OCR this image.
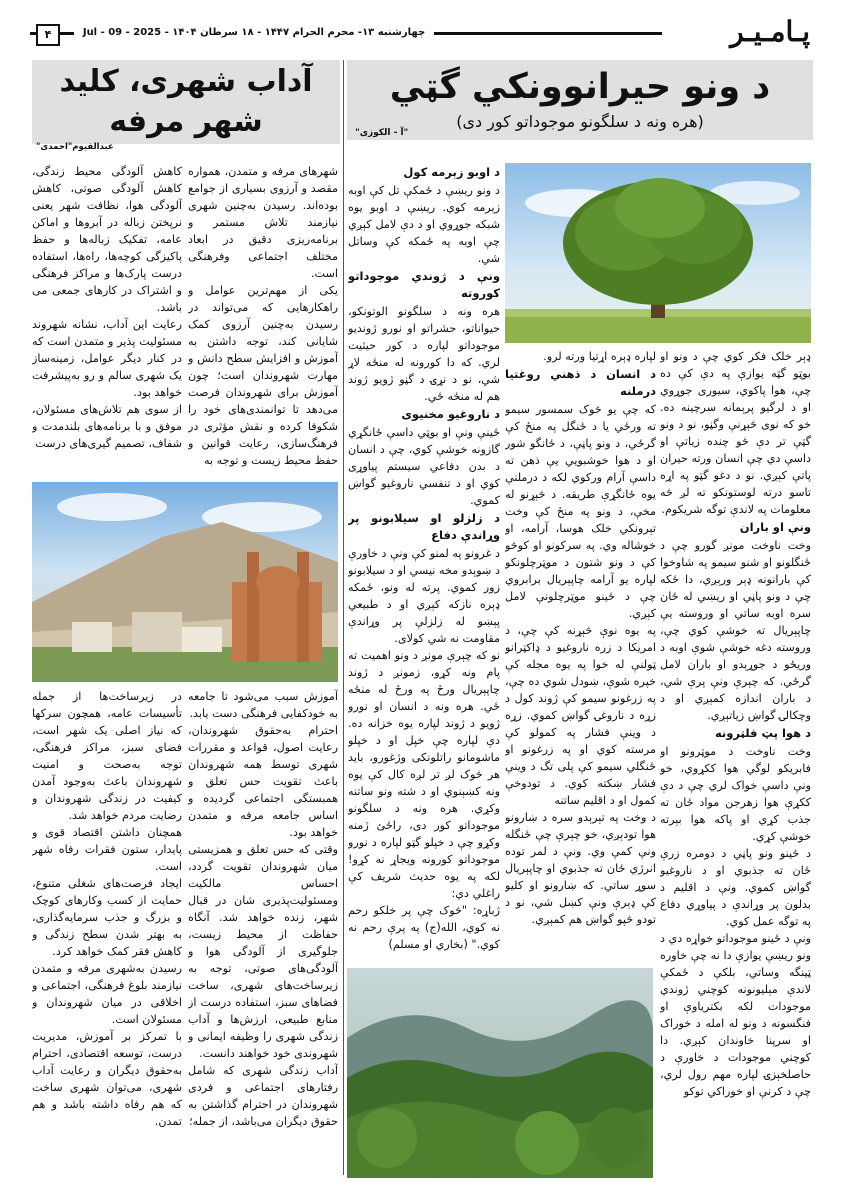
پـامـیـر
چهارشنبه ۱۳- محرم الحرام ۱۴۴۷ - ۱۸ سرطان ۱۴۰۴ - Jul - 09 - 2025
۴
د ونو حيرانوونکي گټي
(هره ونه د سلگونو موجوداتو کور دی)
"آ - الکوزی"
آداب شهری، کلید شهر مرفه
عبدالقيوم"احمدی"

ډېر خلک فکر کوي چې د ونو او بوټو گټه يوازې په دې کې ده چې، هوا پاکوي، سيوری جوړوي او د لرگيو پرېمانه سرچينه ده. خو که نوی څېړنې وگڼو، نو د ونو گټې تر دې څو چنده زياتې او داسې دي چې انسان ورته حيران پاتې کېږي. نو د دغو گټو په اړه تاسو درته لوستونکو ته لږ څه معلومات په لاندې توگه شريکوم.

ونې او باران

وخت ناوخت مونږ گورو چې د ځنگلونو او شنو سيمو په شاوخوا کې بارانونه ډېر ورېږي، دا ځکه چې د ونو پاڼي او ريښي له ځان سره اوبه ساتي او وروسته يې چاپېريال ته خوشې کوي چې، وروسته دغه خوشې شوې اوبه د وريځو د جوړېدو او باران لامل گرځي. که چېرې ونې پرې شي، د باران اندازه کمېږي او د وچکالۍ گواښ زياتېږي.

د هوا پټ فلټرونه

وخت ناوخت د موټرونو او فابريکو لوگي هوا ککړوي، خو ونې داسې خواک لري چې د دې ککړې هوا زهرجن مواد ځان ته جذب کړي او پاکه هوا بېرته خوشې کړي.

د ځينو ونو پاڼي د دومره زرې ځان ته جذبوي او د ناروغيو گواښ کموي. ونې د اقليم د بدلون پر وړاندې د پياوړي دفاع په توگه عمل کوي.

ونې د ځينو موجوداتو خواړه دي د ونو ريښې يوازې دا نه چې خاوره ټينگه وساتي، بلکې د ځمکې لاندې مېليونونه کوچني ژوندي موجودات لکه بکترياوې او فنگسونه د ونو له امله د خوراک او سرپنا خاوندان کېږي. دا کوچني موجودات د خاورې د حاصلخېزۍ لپاره مهم رول لري، چې د کرنې او خوراکي توکو

لپاره ډېره اړتيا ورته لرو.

د انسان د ذهني روغتيا درملنه

که چې يو څوک سمسور سيمو ته ورځي يا د ځنگل په منځ کې گرځي، د ونو پاڼې، د ځانگو شور او د هوا خوشبويي يې ذهن ته داسې آرام ورکوي لکه د درملنې يوه ځانگړې طريقه. د څېړنو له مخې، د ونو په منځ کې وخت تېرونکي خلک هوسا، آرامه، او خوشاله وي. په سرکونو او کوڅو کې د ونو شتون د موټرچلونکو لپاره يو آرامه چاپېريال برابروي چې د ځينو موټرچلونې لامل کېږي.

په يوه نوې څېړنه کې چې، د امريکا د زره ناروغيو د ډاکټرانو ټولنې له خوا په يوه مجله کې خپره شوې، ښودل شوي ده چې، په زرغونو سيمو کې ژوند کول د زړه د ناروغۍ گواښ کموي. زړه د وينې فشار په کمولو کې مرسته کوي او په زرغونو او ځنگلي سيمو کې پلی تگ د وينې فشار ښکته کوي. د تودوخې کمول او د اقليم ساتنه

د وخت په تېرېدو سره د ښارونو هوا تودېږي، خو چېرې چې ځنگله ونې کمې وي. ونې د لمر توده انرژي ځان ته جذبوي او چاپېريال سوړ ساتي. که ښارونو او کليو کې ډېرې ونې کښل شي، نو د تودو څپو گواښ هم کمېږي.

د اوبو زېرمه کول

د ونو ريښې د ځمکې تل کې اوبه زېرمه کوي. ريښې د اوبو يوه شبکه جوړوي او د دې لامل کېږي چې اوبه په ځمکه کې وساتل شي.

ونې د ژوندي موجوداتو کوروته

هره ونه د سلگونو الوتونکو، حيواناتو، حشراتو او نورو ژونديو موجوداتو لپاره د کور حيثيت لري. که دا کورونه له منځه لاړ شي، نو د نړۍ د گڼو ژويو ژوند هم له منځه ځي.

د ناروغيو مخنيوی

ځينې ونې او بوټي داسې ځانگړي گازونه خوشې کوي، چې د انسان د بدن دفاعي سيستم پياوړی کوي او د تنفسي ناروغيو گواښ کموي.

د زلزلو او سيلابونو پر وړاندې دفاع

د غرونو په لمنو کې ونې د خاورې د ښوېدو مخه نيسي او د سيلابونو زور کموي. پرته له ونو، ځمکه ډېره نازکه کېږي او د طبيعي پېښو له زلزلې پر وړاندې مقاومت نه شي کولای.

نو که چېرې مونږ د ونو اهميت ته پام ونه کړو، زمونږ د ژوند چاپېريال ورځ په ورځ له منځه ځي. هره ونه د انسان او نورو ژويو د ژوند لپاره يوه خزانه ده. دې لپاره چې خپل او د خپلو ماشومانو راتلونکی وژغورو، بايد هر څوک لږ تر لږه کال کې يوه ونه کښېنوي او د شته ونو ساتنه وکړي. هره ونه د سلگونو موجوداتو کور دی، راځئ ژمنه وکړو چې د خپلو گټو لپاره د نورو موجوداتو کورونه ويجاړ نه کړو! لکه په يوه حديث شريف کې راغلي دي:

ژباړه: "څوک چې پر خلکو رحم نه کوي، الله(ج) په پرې رحم نه کوي." (بخاري او مسلم)

شهرهای مرفه و متمدن، همواره مقصد و آرزوی بسياری از جوامع بوده‌اند. رسيدن به‌چنين شهری نيازمند تلاش مستمر و برنامه‌ريزی دقيق در ابعاد مختلف اجتماعی وفرهنگی است.

يکی از مهم‌ترين عوامل و راهکارهايی که می‌تواند در رسيدن به‌چنين آرزوی کمک شايانی کند، توجه داشتن به آموزش و افزايش سطح دانش و مهارت شهروندان است؛ چون آموزش برای شهروندان فرصت می‌دهد تا توانمندی‌های خود را شکوفا کرده و نقش مؤثری در فرهنگ‌سازی، رعايت قوانين و حفظ محيط زيست و توجه به

کاهش آلودگی محيط زندگی، کاهش آلودگی صوتی، کاهش آلودگی هوا، نظافت شهر يعنی نرپختن زباله در آبروها و اماکن عامه، تفکيک زباله‌ها و حفظ پاکيزگی کوچه‌ها، راه‌ها، استفاده درست پارک‌ها و مراکز فرهنگی و اشتراک در کارهای جمعی می باشد.

رعايت اين آداب، نشانه شهروند مسئوليت پذير و متمدن است که در کنار ديگر عوامل، زمينه‌ساز يک شهری سالم و رو به‌پيشرفت خواهد بود.

از سوی هم تلاش‌های مسئولان، موفق و با برنامه‌های بلندمدت و شفاف، تصميم گيری‌های درست

آموزش سبب می‌شود تا جامعه به خودکفايی فرهنگی دست يابد.

احترام به‌حقوق شهروندان، رعايت اصول، قواعد و مقررات شهری توسط همه شهروندان باعث تقويت حس تعلق و همبستگی اجتماعی گرديده و اساس جامعه مرفه و متمدن خواهد بود.

وقتی که حس تعلق و همزيستی ميان شهروندان تقويت گردد، احساس مالکيت ومسئوليت‌پذيری شان در قبال شهر، زنده خواهد شد. آنگاه حفاظت از محيط زيست، جلوگيری از آلودگی هوا و آلودگی‌های صوتی، توجه به زيرساخت‌های شهری، ساخت فضاهای سبز، استفاده درست از منابع طبيعی، ارزش‌ها و آداب زندگی شهری را وظيفه ايمانی و شهروندی خود خواهند دانست.

آداب زندگی شهری که شامل رفتارهای اجتماعی و فردی شهروندان در احترام گذاشتن به حقوق ديگران می‌باشد، از جمله؛

در زيرساخت‌ها از جمله تأسيسات عامه، همچون سرکها که نياز اصلی يک شهر است، فضای سبز، مراکز فرهنگی، توجه به‌صحت و امنيت شهروندان باعث به‌وجود آمدن کيفيت در زندگی شهروندان و رضايت مردم خواهد شد.

همچنان داشتن اقتصاد قوی و پايدار، ستون فقرات رفاه شهر است.

ايجاد فرصت‌های شغلی متنوع، حمايت از کسب وکارهای کوچک و بزرگ و جذب سرمايه‌گذاری، به بهتر شدن سطح زندگی و کاهش فقر کمک خواهد کرد.

رسيدن به‌شهری مرفه و متمدن نيازمند بلوغ فرهنگی، اجتماعی و اخلاقی در ميان شهروندان و مسئولان است.

با تمرکز بر آموزش، مديريت درست، توسعه اقتصادی، احترام به‌حقوق ديگران و رعايت آداب شهری، می‌توان شهری ساخت که هم رفاه داشته باشد و هم تمدن.
